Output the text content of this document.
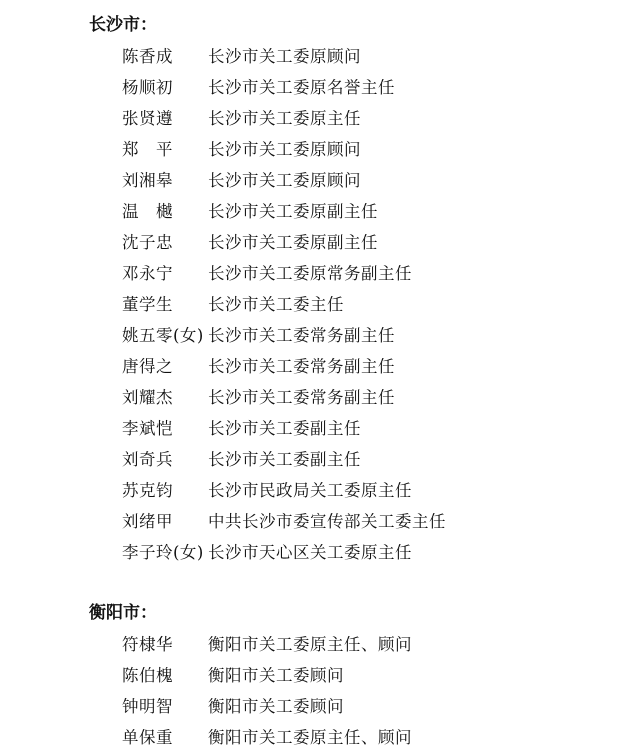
长沙市：
陈香成 长沙市关工委原顾问
杨顺初 长沙市关工委原名誉主任
张贤遵 长沙市关工委原主任
郑　平 长沙市关工委原顾问
刘湘皋 长沙市关工委原顾问
温　樾 长沙市关工委原副主任
沈子忠 长沙市关工委原副主任
邓永宁 长沙市关工委原常务副主任
董学生 长沙市关工委主任
姚五零(女) 长沙市关工委常务副主任
唐得之 长沙市关工委常务副主任
刘耀杰 长沙市关工委常务副主任
李斌恺 长沙市关工委副主任
刘奇兵 长沙市关工委副主任
苏克钧 长沙市民政局关工委原主任
刘绪甲 中共长沙市委宣传部关工委主任
李子玲(女) 长沙市天心区关工委原主任
衡阳市：
符棣华 衡阳市关工委原主任、顾问
陈伯槐 衡阳市关工委顾问
钟明智 衡阳市关工委顾问
单保重 衡阳市关工委原主任、顾问
